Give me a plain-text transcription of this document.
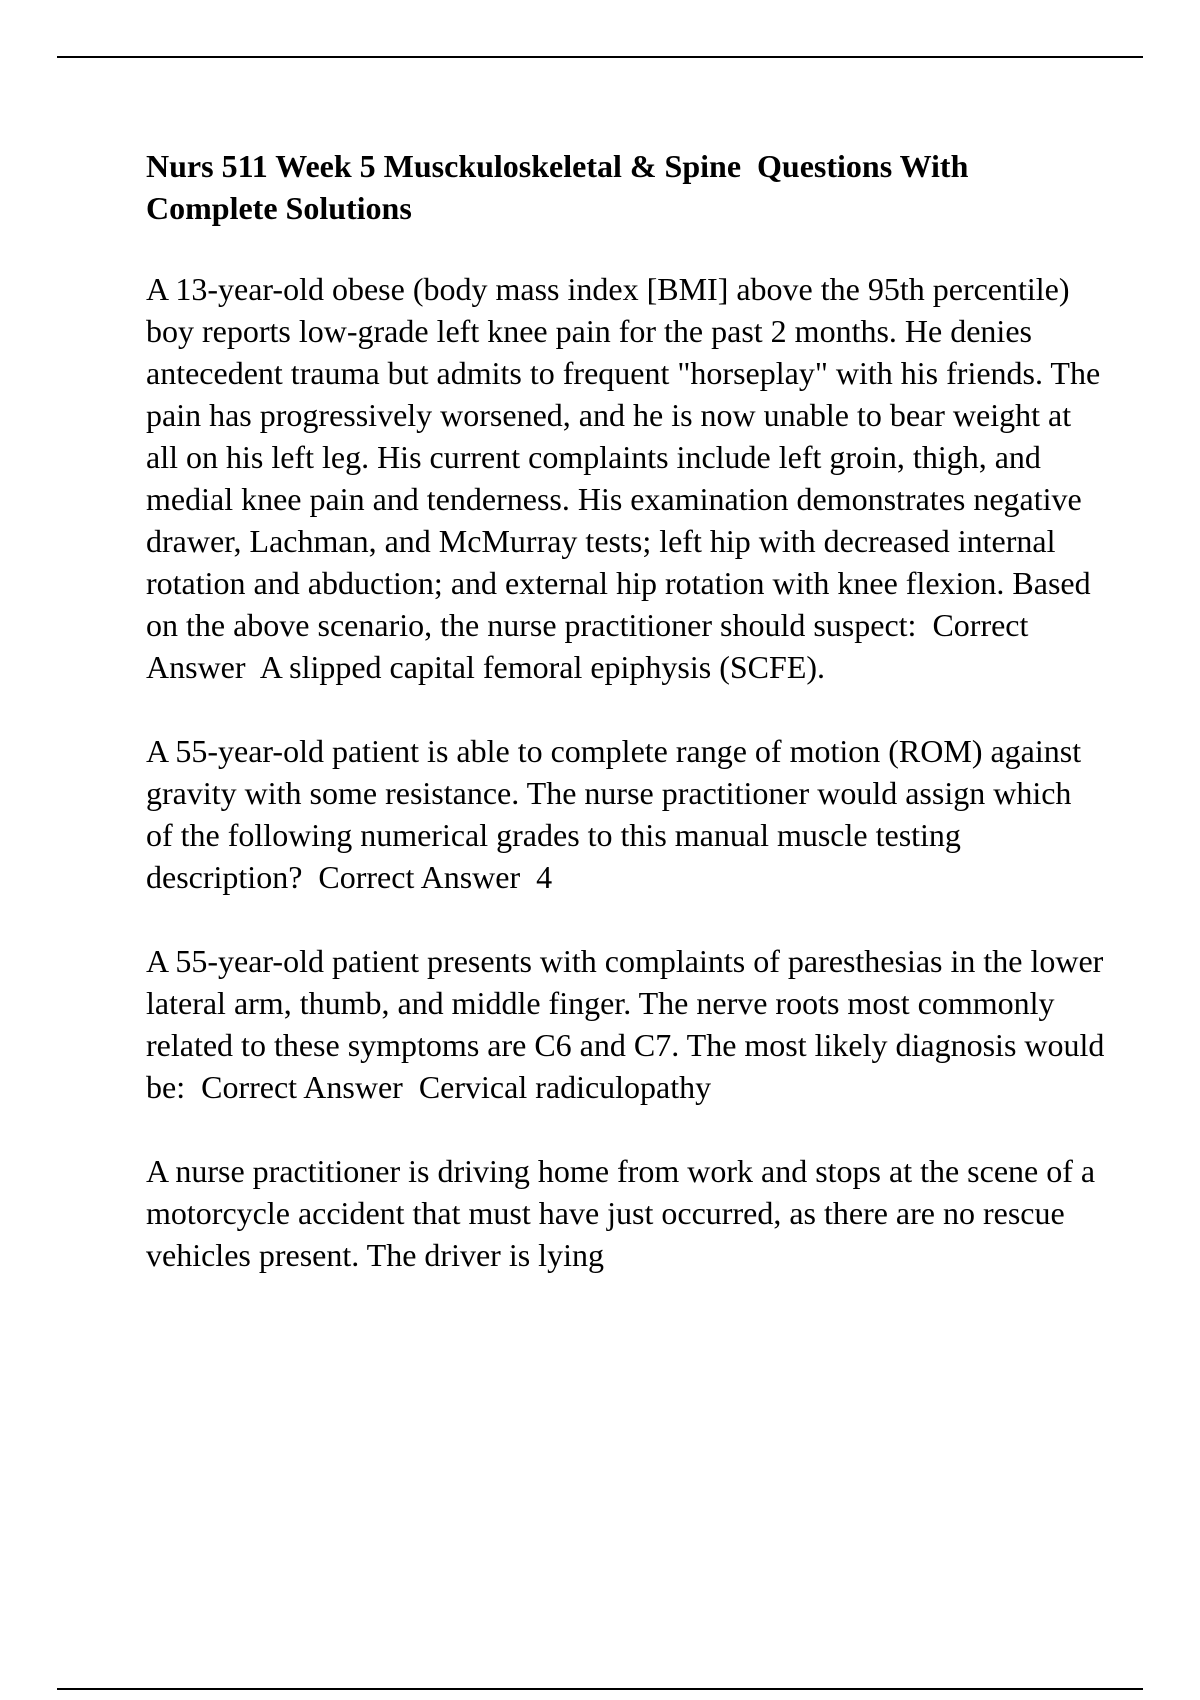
Nurs 511 Week 5 Musckuloskeletal & Spine  Questions With Complete Solutions
A 13-year-old obese (body mass index [BMI] above the 95th percentile) boy reports low-grade left knee pain for the past 2 months. He denies antecedent trauma but admits to frequent "horseplay" with his friends. The pain has progressively worsened, and he is now unable to bear weight at all on his left leg. His current complaints include left groin, thigh, and medial knee pain and tenderness. His examination demonstrates negative drawer, Lachman, and McMurray tests; left hip with decreased internal rotation and abduction; and external hip rotation with knee flexion. Based on the above scenario, the nurse practitioner should suspect:  Correct Answer  A slipped capital femoral epiphysis (SCFE).
A 55-year-old patient is able to complete range of motion (ROM) against gravity with some resistance. The nurse practitioner would assign which of the following numerical grades to this manual muscle testing description?  Correct Answer  4
A 55-year-old patient presents with complaints of paresthesias in the lower lateral arm, thumb, and middle finger. The nerve roots most commonly related to these symptoms are C6 and C7. The most likely diagnosis would be:  Correct Answer  Cervical radiculopathy
A nurse practitioner is driving home from work and stops at the scene of a motorcycle accident that must have just occurred, as there are no rescue vehicles present. The driver is lying
